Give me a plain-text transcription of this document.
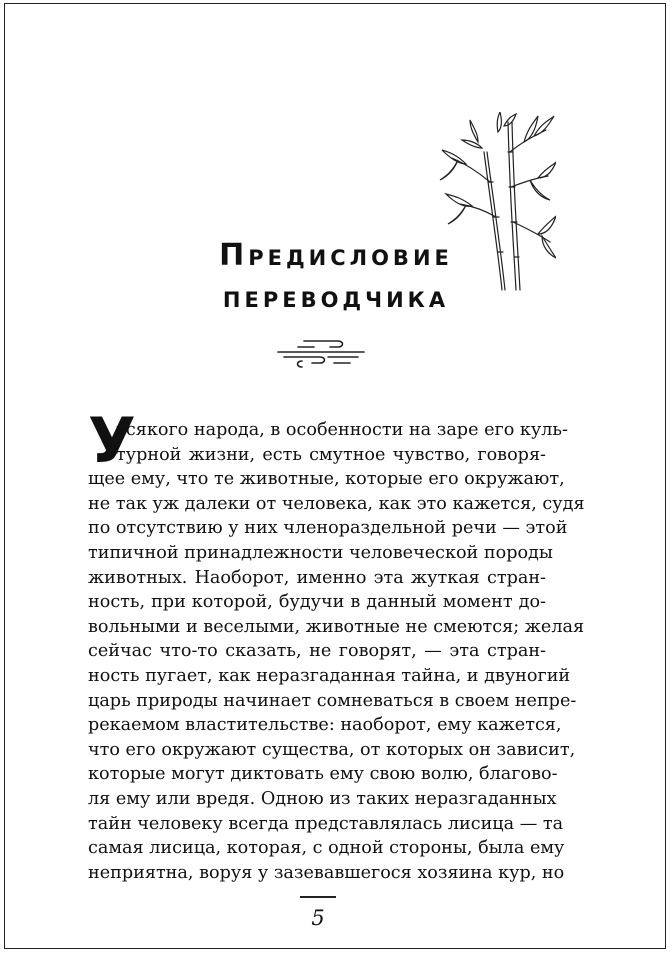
Предисловие
переводчика
У
всякого народа, в особенности на заре его куль-
турной жизни, есть смутное чувство, говоря-
щее ему, что те животные, которые его окружают,
не так уж далеки от человека, как это кажется, судя
по отсутствию у них членораздельной речи — этой
типичной принадлежности человеческой породы
животных. Наоборот, именно эта жуткая стран-
ность, при которой, будучи в данный момент до-
вольными и веселыми, животные не смеются; желая
сейчас что-то сказать, не говорят, — эта стран-
ность пугает, как неразгаданная тайна, и двуногий
царь природы начинает сомневаться в своем непре-
рекаемом властительстве: наоборот, ему кажется,
что его окружают существа, от которых он зависит,
которые могут диктовать ему свою волю, благово-
ля ему или вредя. Одною из таких неразгаданных
тайн человеку всегда представлялась лисица — та
самая лисица, которая, с одной стороны, была ему
неприятна, воруя у зазевавшегося хозяина кур, но
5
